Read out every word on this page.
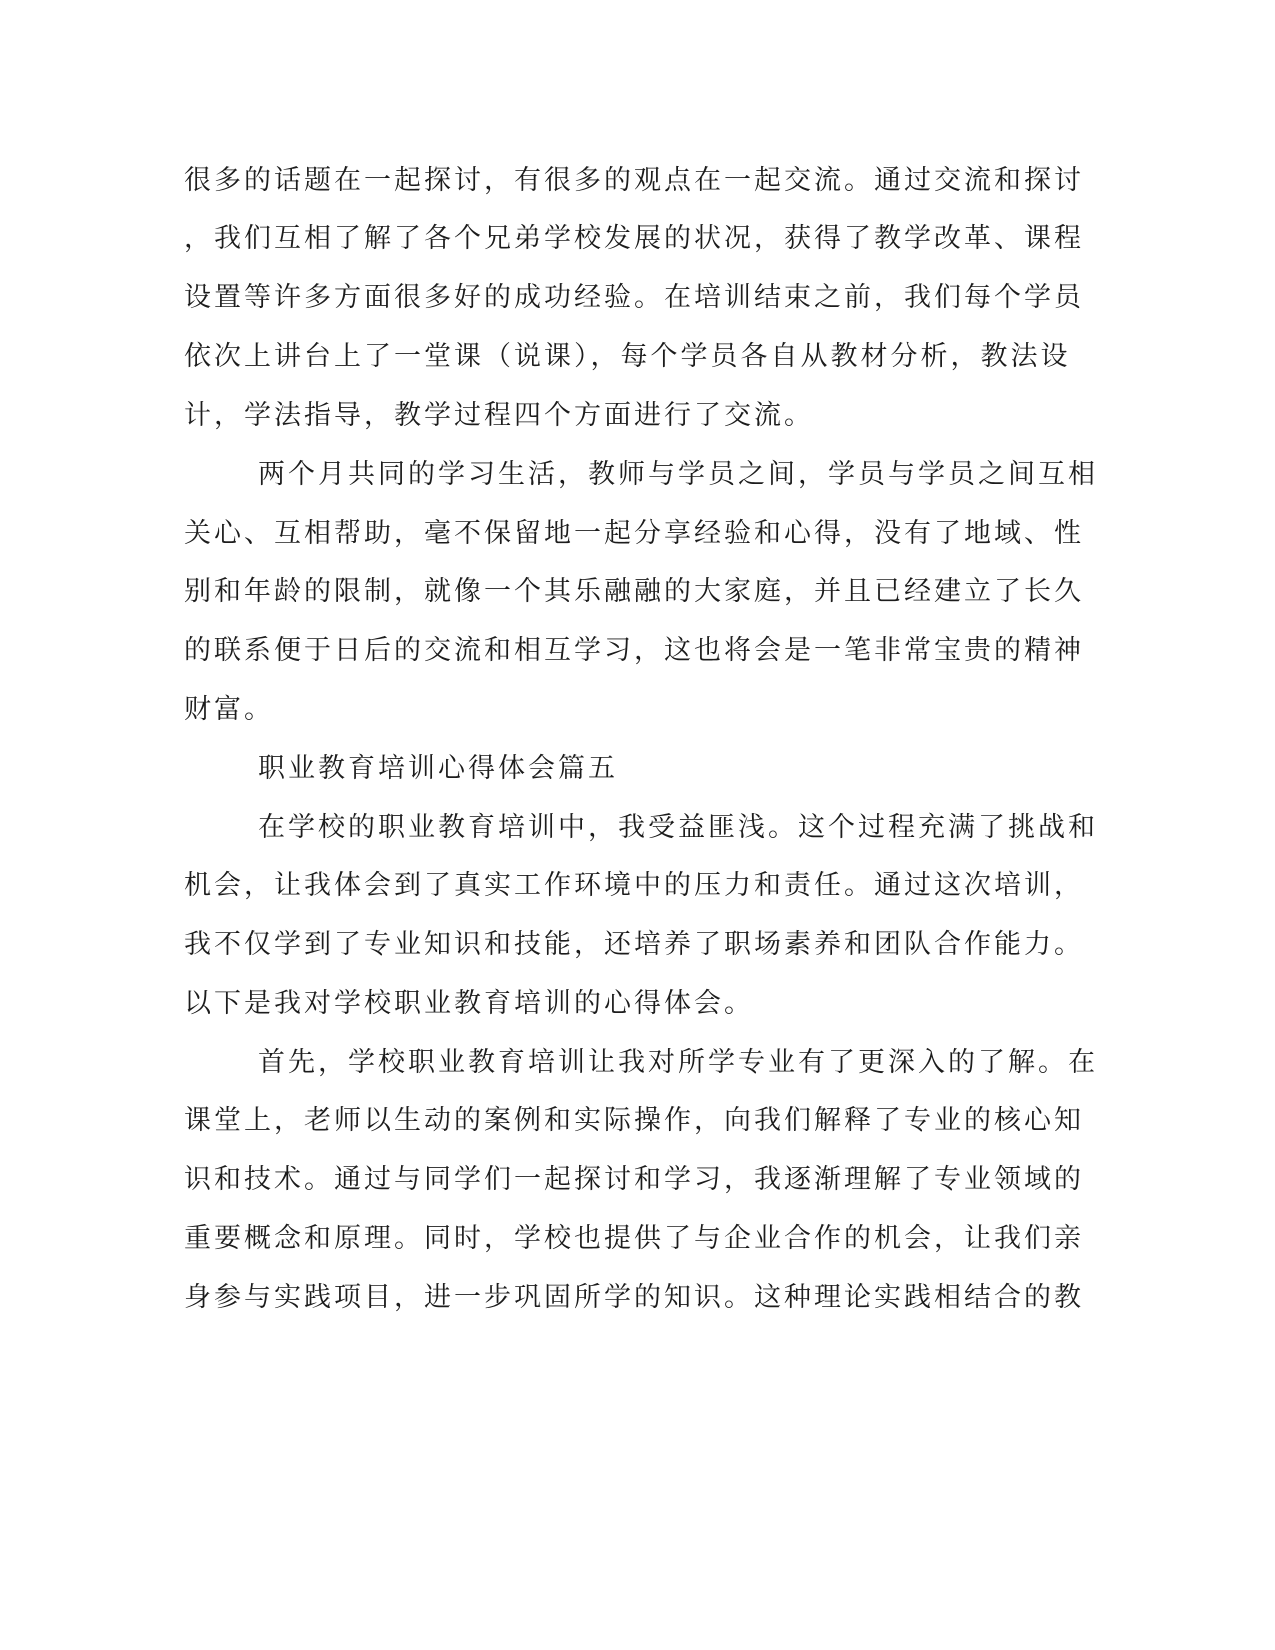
很多的话题在一起探讨，有很多的观点在一起交流。通过交流和探讨
，我们互相了解了各个兄弟学校发展的状况，获得了教学改革、课程
设置等许多方面很多好的成功经验。在培训结束之前，我们每个学员
依次上讲台上了一堂课（说课），每个学员各自从教材分析，教法设
计，学法指导，教学过程四个方面进行了交流。
两个月共同的学习生活，教师与学员之间，学员与学员之间互相
关心、互相帮助，毫不保留地一起分享经验和心得，没有了地域、性
别和年龄的限制，就像一个其乐融融的大家庭，并且已经建立了长久
的联系便于日后的交流和相互学习，这也将会是一笔非常宝贵的精神
财富。
职业教育培训心得体会篇五
在学校的职业教育培训中，我受益匪浅。这个过程充满了挑战和
机会，让我体会到了真实工作环境中的压力和责任。通过这次培训，
我不仅学到了专业知识和技能，还培养了职场素养和团队合作能力。
以下是我对学校职业教育培训的心得体会。
首先，学校职业教育培训让我对所学专业有了更深入的了解。在
课堂上，老师以生动的案例和实际操作，向我们解释了专业的核心知
识和技术。通过与同学们一起探讨和学习，我逐渐理解了专业领域的
重要概念和原理。同时，学校也提供了与企业合作的机会，让我们亲
身参与实践项目，进一步巩固所学的知识。这种理论实践相结合的教
